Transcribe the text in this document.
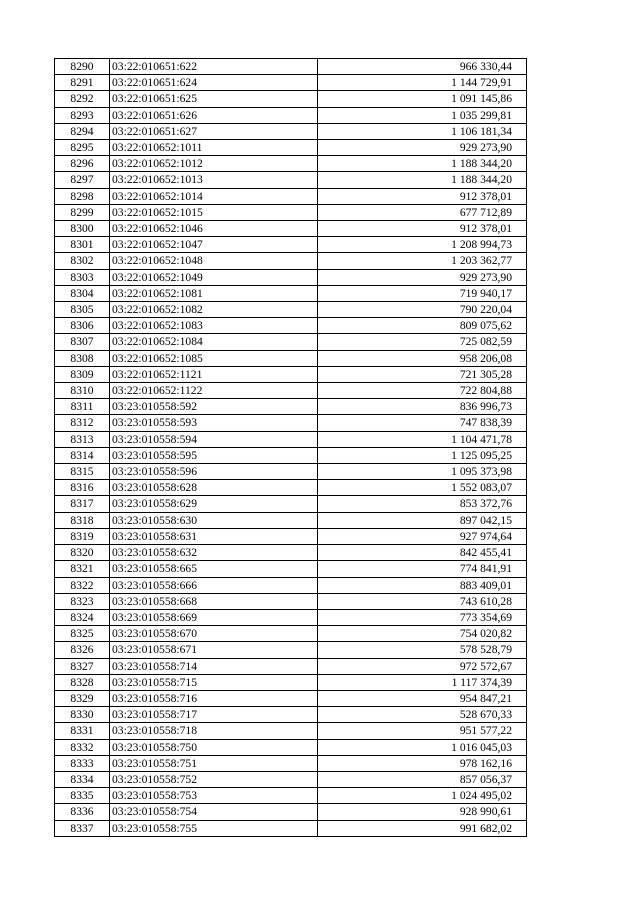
8290	03:22:010651:622	966 330,44
8291	03:22:010651:624	1 144 729,91
8292	03:22:010651:625	1 091 145,86
8293	03:22:010651:626	1 035 299,81
8294	03:22:010651:627	1 106 181,34
8295	03:22:010652:1011	929 273,90
8296	03:22:010652:1012	1 188 344,20
8297	03:22:010652:1013	1 188 344,20
8298	03:22:010652:1014	912 378,01
8299	03:22:010652:1015	677 712,89
8300	03:22:010652:1046	912 378,01
8301	03:22:010652:1047	1 208 994,73
8302	03:22:010652:1048	1 203 362,77
8303	03:22:010652:1049	929 273,90
8304	03:22:010652:1081	719 940,17
8305	03:22:010652:1082	790 220,04
8306	03:22:010652:1083	809 075,62
8307	03:22:010652:1084	725 082,59
8308	03:22:010652:1085	958 206,08
8309	03:22:010652:1121	721 305,28
8310	03:22:010652:1122	722 804,88
8311	03:23:010558:592	836 996,73
8312	03:23:010558:593	747 838,39
8313	03:23:010558:594	1 104 471,78
8314	03:23:010558:595	1 125 095,25
8315	03:23:010558:596	1 095 373,98
8316	03:23:010558:628	1 552 083,07
8317	03:23:010558:629	853 372,76
8318	03:23:010558:630	897 042,15
8319	03:23:010558:631	927 974,64
8320	03:23:010558:632	842 455,41
8321	03:23:010558:665	774 841,91
8322	03:23:010558:666	883 409,01
8323	03:23:010558:668	743 610,28
8324	03:23:010558:669	773 354,69
8325	03:23:010558:670	754 020,82
8326	03:23:010558:671	578 528,79
8327	03:23:010558:714	972 572,67
8328	03:23:010558:715	1 117 374,39
8329	03:23:010558:716	954 847,21
8330	03:23:010558:717	528 670,33
8331	03:23:010558:718	951 577,22
8332	03:23:010558:750	1 016 045,03
8333	03:23:010558:751	978 162,16
8334	03:23:010558:752	857 056,37
8335	03:23:010558:753	1 024 495,02
8336	03:23:010558:754	928 990,61
8337	03:23:010558:755	991 682,02
